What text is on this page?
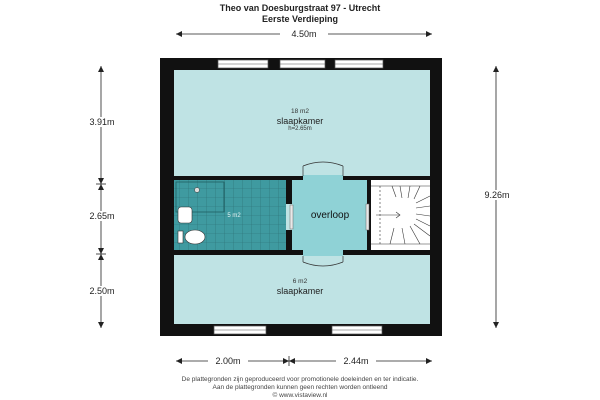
Theo van Doesburgstraat 97 - Utrecht
Eerste Verdieping
4.50m
3.91m
2.65m
2.50m
9.26m
2.00m	2.44m
18 m2
slaapkamer
h=2.65m
5 m2	overloop
6 m2
slaapkamer
De plattegronden zijn geproduceerd voor promotionele doeleinden en ter indicatie.
Aan de plattegronden kunnen geen rechten worden ontleend
© www.vistaview.nl
